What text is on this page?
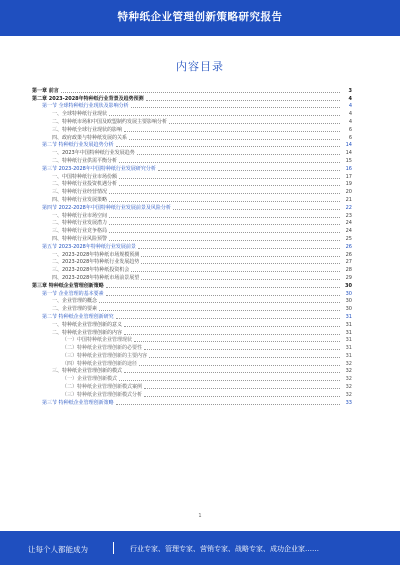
特种纸企业管理创新策略研究报告
内容目录
第一章 前言	3
第二章 2023-2028年特种纸行业背景及趋势预测	4
第一节 全球特种纸行业现状及影响分析	4
一、全球特种纸行业现状	4
二、特种纸市场和中国及欧盟制约发展主要影响分析	4
三、特种纸全球行业现状的影响	6
四、政府政策与特种纸发展的关系	6
第二节 特种纸行业发展趋势分析	14
一、2023年中国特种纸行业发展趋势	14
二、特种纸行业供需平衡分析	15
第三节 2023-2028年中国特种纸行业发展研究分析	16
一、中国特种纸行业市场份额	17
二、特种纸行业投资机遇分析	19
三、特种纸行业经营情况	20
四、特种纸行业发展策略	21
第四节 2022-2028年中国特种纸行业发展前景及风险分析	22
一、特种纸行业市场空间	23
二、特种纸行业发展潜力	24
三、特种纸行业竞争格局	24
四、特种纸行业风险预警	25
第五节 2023-2028年特种纸行业发展前景	26
一、2023-2028年特种纸市场规模预测	26
二、2023-2028年特种纸行业发展趋势	27
三、2023-2028年特种纸投资机会	28
四、2023-2028年特种纸市场前景展望	29
第三章 特种纸企业管理创新策略	30
第一节 企业管理的基本要素	30
一、企业管理的概念	30
二、企业管理的要素	30
第二节 特种纸企业管理创新研究	31
一、特种纸企业管理创新的意义	31
二、特种纸企业管理创新的内容	31
（一）中国特种纸企业管理现状	31
（二）特种纸企业管理创新的必要性	31
（三）特种纸企业管理创新的主要内容	31
（四）特种纸企业管理创新的途径	32
三、特种纸企业管理创新的模式	32
（一）企业管理创新模式	32
（二）特种纸企业管理创新模式案例	32
（三）特种纸企业管理创新模式分析	32
第三节 特种纸企业管理创新策略	33
1
让每个人都能成为	行业专家、管理专家、营销专家、战略专家、成功企业家……
